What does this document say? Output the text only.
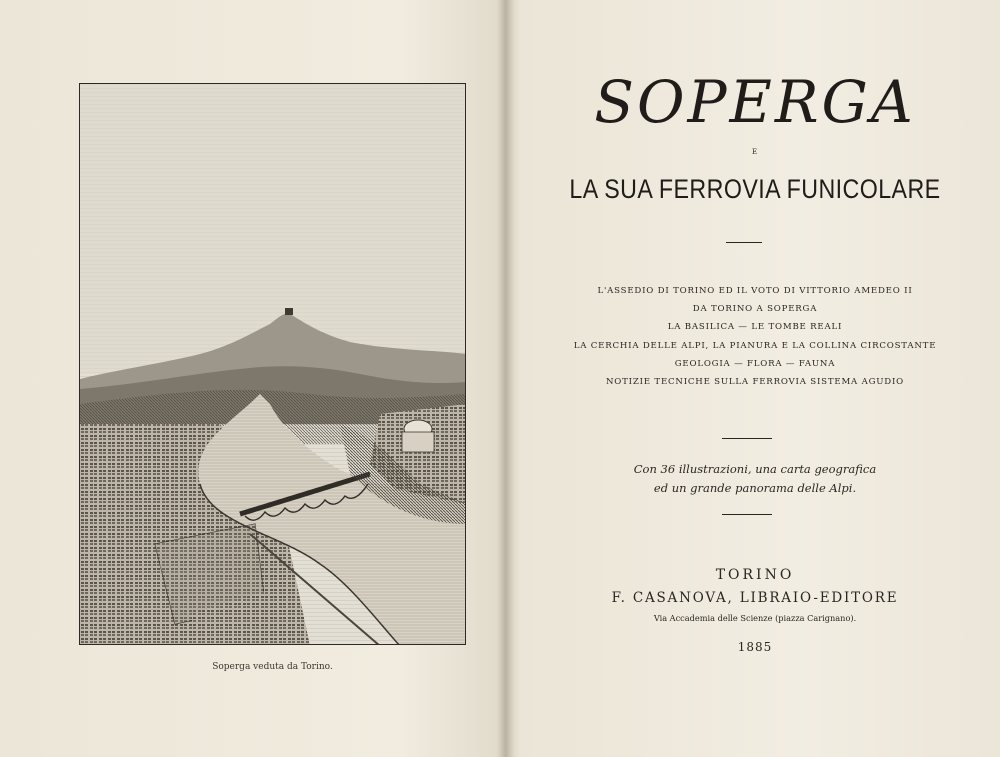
Soperga veduta da Torino.
SOPERGA
E
LA SUA FERROVIA FUNICOLARE
L'ASSEDIO DI TORINO ED IL VOTO DI VITTORIO AMEDEO II
DA TORINO A SOPERGA
LA BASILICA — LE TOMBE REALI
LA CERCHIA DELLE ALPI, LA PIANURA E LA COLLINA CIRCOSTANTE
GEOLOGIA — FLORA — FAUNA
NOTIZIE TECNICHE SULLA FERROVIA SISTEMA AGUDIO
Con 36 illustrazioni, una carta geografica
ed un grande panorama delle Alpi.
TORINO
F. CASANOVA, LIBRAIO-EDITORE
Via Accademia delle Scienze (piazza Carignano).
1885
